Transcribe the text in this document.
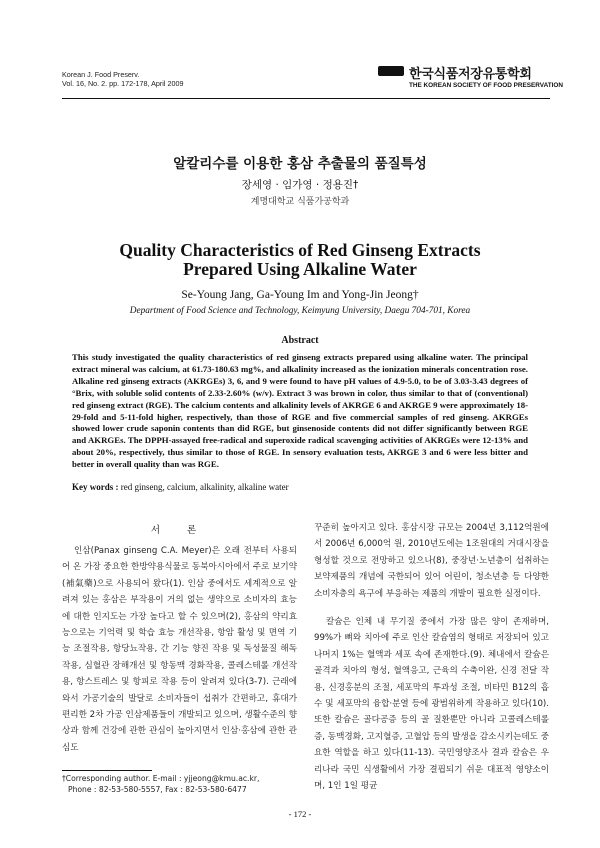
Korean J. Food Preserv.
Vol. 16, No. 2. pp. 172-178, April 2009
한국식품저장유통학회
THE KOREAN SOCIETY OF FOOD PRESERVATION
알칼리수를 이용한 홍삼 추출물의 품질특성
장세영 · 임가영 · 정용진†
계명대학교 식품가공학과
Quality Characteristics of Red Ginseng Extracts Prepared Using Alkaline Water
Se-Young Jang, Ga-Young Im and Yong-Jin Jeong†
Department of Food Science and Technology, Keimyung University, Daegu 704-701, Korea
Abstract
This study investigated the quality characteristics of red ginseng extracts prepared using alkaline water. The principal extract mineral was calcium, at 61.73-180.63 mg%, and alkalinity increased as the ionization minerals concentration rose. Alkaline red ginseng extracts (AKRGEs) 3, 6, and 9 were found to have pH values of 4.9-5.0, to be of 3.03-3.43 degrees of °Brix, with soluble solid contents of 2.33-2.60% (w/v). Extract 3 was brown in color, thus similar to that of (conventional) red ginseng extract (RGE). The calcium contents and alkalinity levels of AKRGE 6 and AKRGE 9 were approximately 18-29-fold and 5-11-fold higher, respectively, than those of RGE and five commercial samples of red ginseng. AKRGEs showed lower crude saponin contents than did RGE, but ginsenoside contents did not differ significantly between RGE and AKRGEs. The DPPH-assayed free-radical and superoxide radical scavenging activities of AKRGEs were 12-13% and about 20%, respectively, thus similar to those of RGE. In sensory evaluation tests, AKRGE 3 and 6 were less bitter and better in overall quality than was RGE.
Key words : red ginseng, calcium, alkalinity, alkaline water
서 론

인삼(Panax ginseng C.A. Meyer)은 오래 전부터 사용되어 온 가장 중요한 한방약용식물로 동북아시아에서 주로 보기약(補氣藥)으로 사용되어 왔다(1). 인삼 중에서도 세계적으로 알려져 있는 홍삼은 부작용이 거의 없는 생약으로 소비자의 효능에 대한 인지도는 가장 높다고 할 수 있으며(2), 홍삼의 약리효능으로는 기억력 및 학습 효능 개선작용, 항암 활성 및 면역 기능 조절작용, 항당뇨작용, 간 기능 향진 작용 및 독성물질 해독작용, 심혈관 장해개선 및 항동맥 경화작용, 콜레스테롤 개선작용, 항스트레스 및 항피로 작용 등이 알려져 있다(3-7). 근래에 와서 가공기술의 발달로 소비자들이 섭취가 간편하고, 휴대가 편리한 2차 가공 인삼제품들이 개발되고 있으며, 생활수준의 향상과 함께 건강에 관한 관심이 높아지면서 인삼·홍삼에 관한 관심도

꾸준히 높아지고 있다. 홍삼시장 규모는 2004년 3,112억원에서 2006년 6,000억 원, 2010년도에는 1조원대의 거대시장을 형성할 것으로 전망하고 있으나(8), 중장년·노년층이 섭취하는 보약제품의 개념에 국한되어 있어 어린이, 청소년층 등 다양한 소비자층의 욕구에 부응하는 제품의 개발이 필요한 실정이다.

칼슘은 인체 내 무기질 중에서 가장 많은 양이 존재하며, 99%가 뼈와 치아에 주로 인산 칼슘염의 형태로 저장되어 있고 나머지 1%는 혈액과 세포 속에 존재한다.(9). 체내에서 칼슘은 골격과 치아의 형성, 혈액응고, 근육의 수축이완, 신경 전달 작용, 신경홍분의 조절, 세포막의 투과성 조절, 비타민 B12의 흡수 및 세포막의 융합·분열 등에 광범위하게 작용하고 있다(10). 또한 칼슘은 골다공증 등의 골 질환뿐만 아니라 고콜레스테롤증, 동맥경화, 고지혈증, 고혈압 등의 발생을 감소시키는데도 중요한 역할을 하고 있다(11-13). 국민영양조사 결과 칼슘은 우리나라 국민 식생활에서 가장 결핍되기 쉬운 대표적 영양소이며, 1인 1일 평균

†Corresponding author. E-mail : yjjeong@kmu.ac.kr,
Phone : 82-53-580-5557, Fax : 82-53-580-6477
- 172 -
